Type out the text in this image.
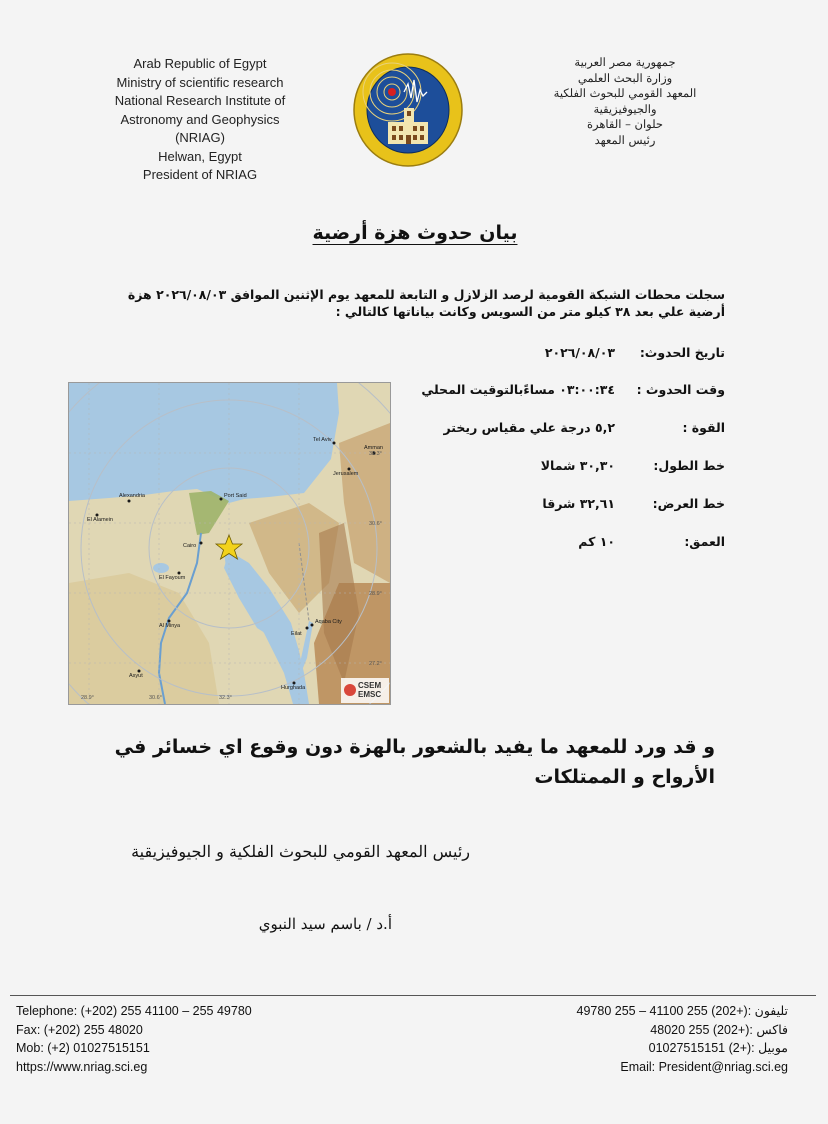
Arab Republic of Egypt
Ministry of scientific research
National Research Institute of
Astronomy and Geophysics
(NRIAG)
Helwan, Egypt
President of NRIAG
جمهورية مصر العربية
وزارة البحث العلمي
المعهد القومي للبحوث الفلكية
والجيوفيزيقية
حلوان – القاهرة
رئيس المعهد
بيان حدوث هزة أرضية
سجلت محطات الشبكة القومية لرصد الزلازل و التابعة للمعهد يوم الإثنين الموافق ٢٠٢٦/٠٨/٠٣ هزة أرضية علي بعد ٣٨ كيلو متر من السويس وكانت بياناتها كالتالي :
تاريخ الحدوث:
٢٠٢٦/٠٨/٠٣
وقت الحدوث :
٠٣:٠٠:٣٤ مساءًبالتوقيت المحلي
القوة :
٥,٢ درجة علي مقياس ريختر
خط الطول:
٣٠,٣٠ شمالا
خط العرض:
٣٢,٦١ شرقا
العمق:
١٠ كم
Port Said
Alexandria
El Alamein
Cairo
El Fayoum
Asyut
Al Minya
Hurghada
Aqaba City
Eilat
Tel Aviv
Jerusalem
Amman
28.9°	30.6°	32.3°
32.3°
30.6°
28.9°
27.2°
CSEM
EMSC
و قد ورد للمعهد ما يفيد بالشعور بالهزة دون وقوع اي خسائر في الأرواح و الممتلكات
رئيس المعهد القومي للبحوث الفلكية و الجيوفيزيقية
أ.د / باسم سيد النبوي
Telephone: (+202) 255 41100 – 255 49780
Fax: (+202) 255 48020
Mob: (+2) 01027515151
https://www.nriag.sci.eg
تليفون :(+202) 255 41100 – 255 49780
فاكس :(+202) 255 48020
موبيل :(+2) 01027515151
Email: President@nriag.sci.eg
